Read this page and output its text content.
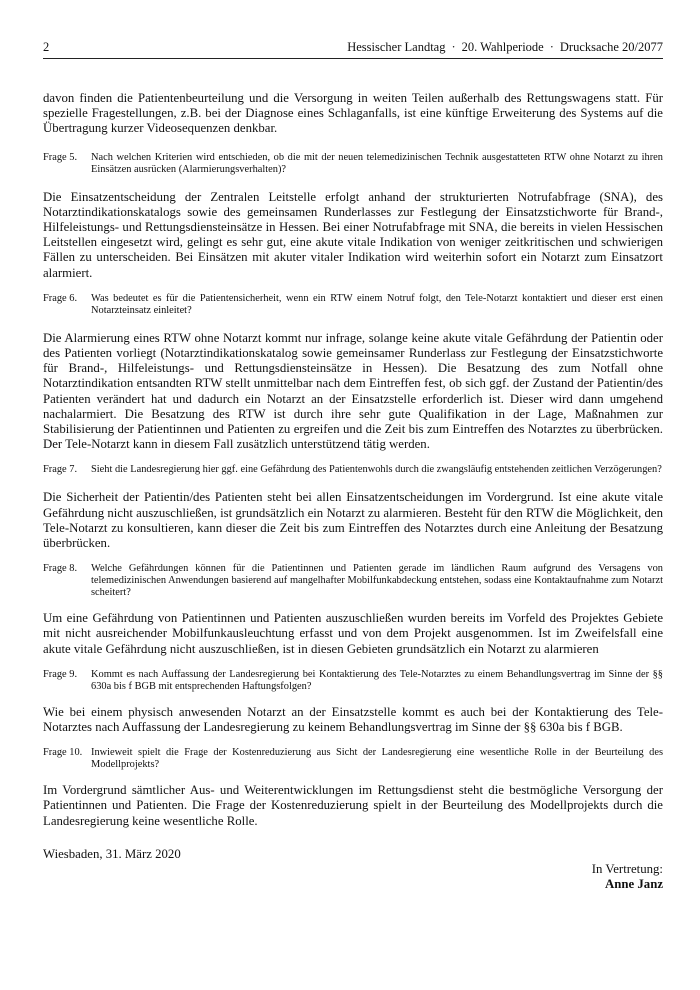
2	Hessischer Landtag · 20. Wahlperiode · Drucksache 20/2077

davon finden die Patientenbeurteilung und die Versorgung in weiten Teilen außerhalb des Rettungswagens statt. Für spezielle Fragestellungen, z.B. bei der Diagnose eines Schlaganfalls, ist eine künftige Erweiterung des Systems auf die Übertragung kurzer Videosequenzen denkbar.

Frage 5.	Nach welchen Kriterien wird entschieden, ob die mit der neuen telemedizinischen Technik ausgestatteten RTW ohne Notarzt zu ihren Einsätzen ausrücken (Alarmierungsverhalten)?

Die Einsatzentscheidung der Zentralen Leitstelle erfolgt anhand der strukturierten Notrufabfrage (SNA), des Notarztindikationskatalogs sowie des gemeinsamen Runderlasses zur Festlegung der Einsatzstichworte für Brand-, Hilfeleistungs- und Rettungsdiensteinsätze in Hessen. Bei einer Notrufabfrage mit SNA, die bereits in vielen Hessischen Leitstellen eingesetzt wird, gelingt es sehr gut, eine akute vitale Indikation von weniger zeitkritischen und schwierigen Fällen zu unterscheiden. Bei Einsätzen mit akuter vitaler Indikation wird weiterhin sofort ein Notarzt zum Einsatzort alarmiert.

Frage 6.	Was bedeutet es für die Patientensicherheit, wenn ein RTW einem Notruf folgt, den Tele-Notarzt kontaktiert und dieser erst einen Notarzteinsatz einleitet?

Die Alarmierung eines RTW ohne Notarzt kommt nur infrage, solange keine akute vitale Gefährdung der Patientin oder des Patienten vorliegt (Notarztindikationskatalog sowie gemeinsamer Runderlass zur Festlegung der Einsatzstichworte für Brand-, Hilfeleistungs- und Rettungsdiensteinsätze in Hessen). Die Besatzung des zum Notfall ohne Notarztindikation entsandten RTW stellt unmittelbar nach dem Eintreffen fest, ob sich ggf. der Zustand der Patientin/des Patienten verändert hat und dadurch ein Notarzt an der Einsatzstelle erforderlich ist. Dieser wird dann umgehend nachalarmiert. Die Besatzung des RTW ist durch ihre sehr gute Qualifikation in der Lage, Maßnahmen zur Stabilisierung der Patientinnen und Patienten zu ergreifen und die Zeit bis zum Eintreffen des Notarztes zu überbrücken. Der Tele-Notarzt kann in diesem Fall zusätzlich unterstützend tätig werden.

Frage 7.	Sieht die Landesregierung hier ggf. eine Gefährdung des Patientenwohls durch die zwangsläufig entstehenden zeitlichen Verzögerungen?

Die Sicherheit der Patientin/des Patienten steht bei allen Einsatzentscheidungen im Vordergrund. Ist eine akute vitale Gefährdung nicht auszuschließen, ist grundsätzlich ein Notarzt zu alarmieren. Besteht für den RTW die Möglichkeit, den Tele-Notarzt zu konsultieren, kann dieser die Zeit bis zum Eintreffen des Notarztes durch eine Anleitung der Besatzung überbrücken.

Frage 8.	Welche Gefährdungen können für die Patientinnen und Patienten gerade im ländlichen Raum aufgrund des Versagens von telemedizinischen Anwendungen basierend auf mangelhafter Mobilfunkabdeckung entstehen, sodass eine Kontaktaufnahme zum Notarzt scheitert?

Um eine Gefährdung von Patientinnen und Patienten auszuschließen wurden bereits im Vorfeld des Projektes Gebiete mit nicht ausreichender Mobilfunkausleuchtung erfasst und von dem Projekt ausgenommen. Ist im Zweifelsfall eine akute vitale Gefährdung nicht auszuschließen, ist in diesen Gebieten grundsätzlich ein Notarzt zu alarmieren

Frage 9.	Kommt es nach Auffassung der Landesregierung bei Kontaktierung des Tele-Notarztes zu einem Behandlungsvertrag im Sinne der §§ 630a bis f BGB mit entsprechenden Haftungsfolgen?

Wie bei einem physisch anwesenden Notarzt an der Einsatzstelle kommt es auch bei der Kontaktierung des Tele-Notarztes nach Auffassung der Landesregierung zu keinem Behandlungsvertrag im Sinne der §§ 630a bis f BGB.

Frage 10. Inwieweit spielt die Frage der Kostenreduzierung aus Sicht der Landesregierung eine wesentliche Rolle in der Beurteilung des Modellprojekts?

Im Vordergrund sämtlicher Aus- und Weiterentwicklungen im Rettungsdienst steht die bestmögliche Versorgung der Patientinnen und Patienten. Die Frage der Kostenreduzierung spielt in der Beurteilung des Modellprojekts durch die Landesregierung keine wesentliche Rolle.

Wiesbaden, 31. März 2020

In Vertretung:
Anne Janz
